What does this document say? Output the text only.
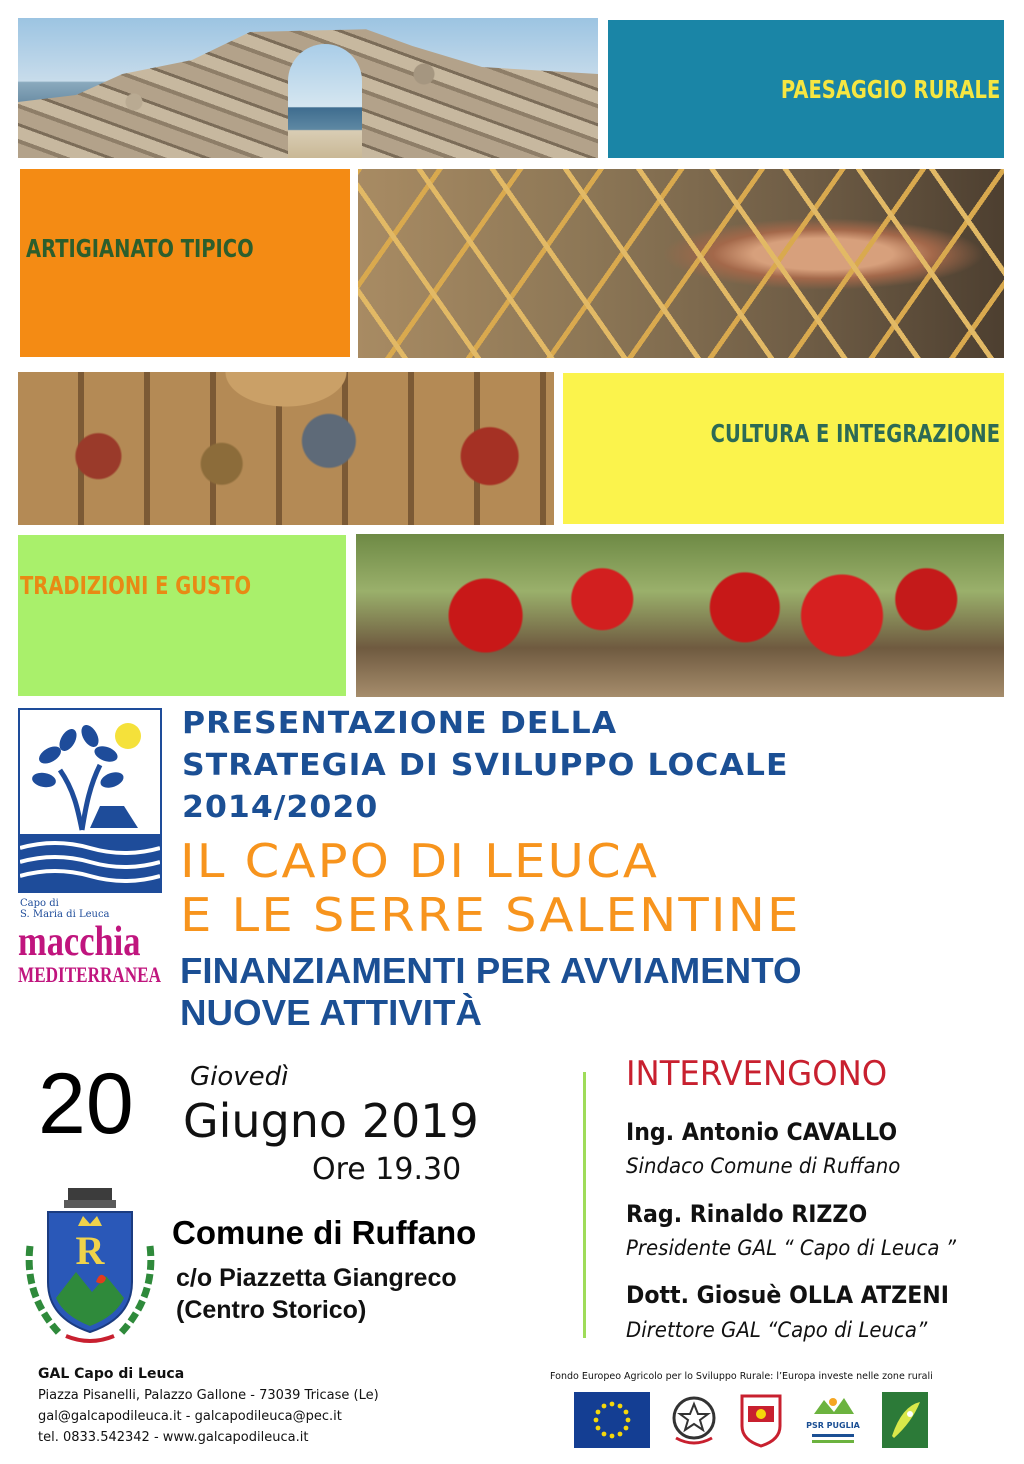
PAESAGGIO RURALE
ARTIGIANATO TIPICO
CULTURA E INTEGRAZIONE
TRADIZIONI E GUSTO
Capo di
S. Maria di Leuca
macchia
MEDITERRANEA
PRESENTAZIONE DELLA
STRATEGIA DI SVILUPPO LOCALE
2014/2020
IL CAPO DI LEUCA
E LE SERRE SALENTINE
FINANZIAMENTI PER AVVIAMENTO
NUOVE ATTIVITÀ
20 Giovedì
Giugno 2019
Ore 19.30
R Comune di Ruffano
c/o Piazzetta Giangreco
(Centro Storico)
INTERVENGONO
Ing. Antonio CAVALLO
Sindaco Comune di Ruffano
Rag. Rinaldo RIZZO
Presidente GAL “ Capo di Leuca ”
Dott. Giosuè OLLA ATZENI
Direttore GAL “Capo di Leuca”
GAL Capo di Leuca
Piazza Pisanelli, Palazzo Gallone - 73039 Tricase (Le)
gal@galcapodileuca.it - galcapodileuca@pec.it
tel. 0833.542342 - www.galcapodileuca.it
Fondo Europeo Agricolo per lo Sviluppo Rurale: l’Europa investe nelle zone rurali
PSR PUGLIA
